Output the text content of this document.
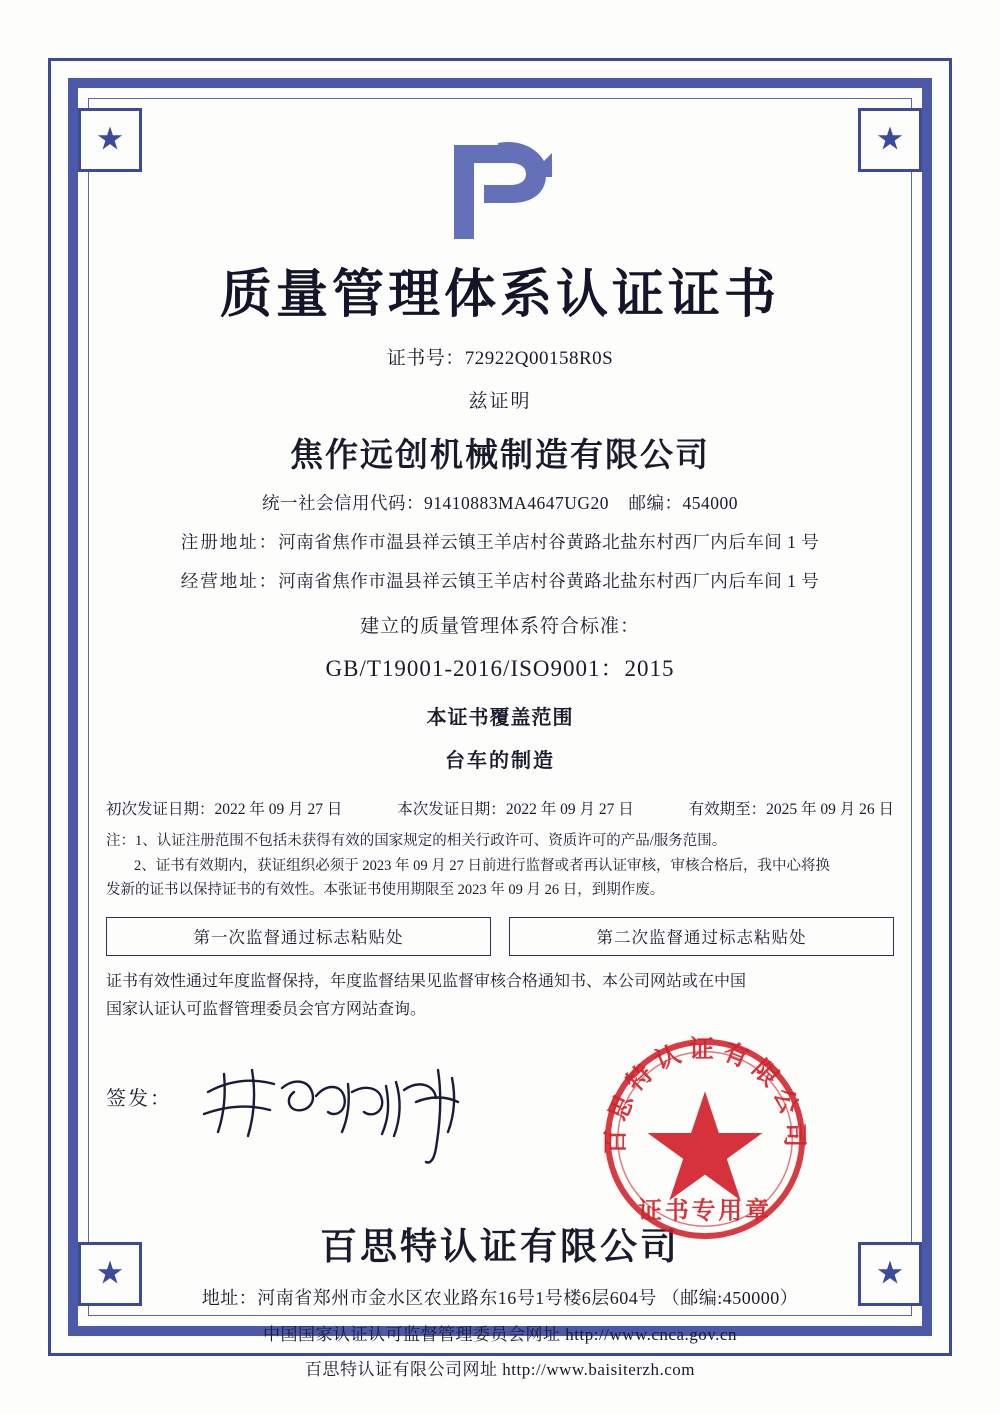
★	★
★	★
质量管理体系认证证书
证书号：72922Q00158R0S
兹证明
焦作远创机械制造有限公司
统一社会信用代码：91410883MA4647UG20 邮编：454000
注册地址：河南省焦作市温县祥云镇王羊店村谷黄路北盐东村西厂内后车间 1 号
经营地址：河南省焦作市温县祥云镇王羊店村谷黄路北盐东村西厂内后车间 1 号
建立的质量管理体系符合标准：
GB/T19001-2016/ISO9001：2015
本证书覆盖范围
台车的制造
初次发证日期：2022 年 09 月 27 日	本次发证日期：2022 年 09 月 27 日	有效期至：2025 年 09 月 26 日

注：1、认证注册范围不包括未获得有效的国家规定的相关行政许可、资质许可的产品/服务范围。

2、证书有效期内，获证组织必须于 2023 年 09 月 27 日前进行监督或者再认证审核，审核合格后，我中心将换

发新的证书以保持证书的有效性。本张证书使用期限至 2023 年 09 月 26 日，到期作废。

第一次监督通过标志粘贴处	第二次监督通过标志粘贴处

证书有效性通过年度监督保持，年度监督结果见监督审核合格通知书、本公司网站或在中国

国家认证认可监督管理委员会官方网站查询。

签发：
百思特认证有限公司
证书专用章
百思特认证有限公司
地址：河南省郑州市金水区农业路东16号1号楼6层604号 （邮编:450000）
中国国家认证认可监督管理委员会网址 http://www.cnca.gov.cn
百思特认证有限公司网址 http://www.baisiterzh.com
